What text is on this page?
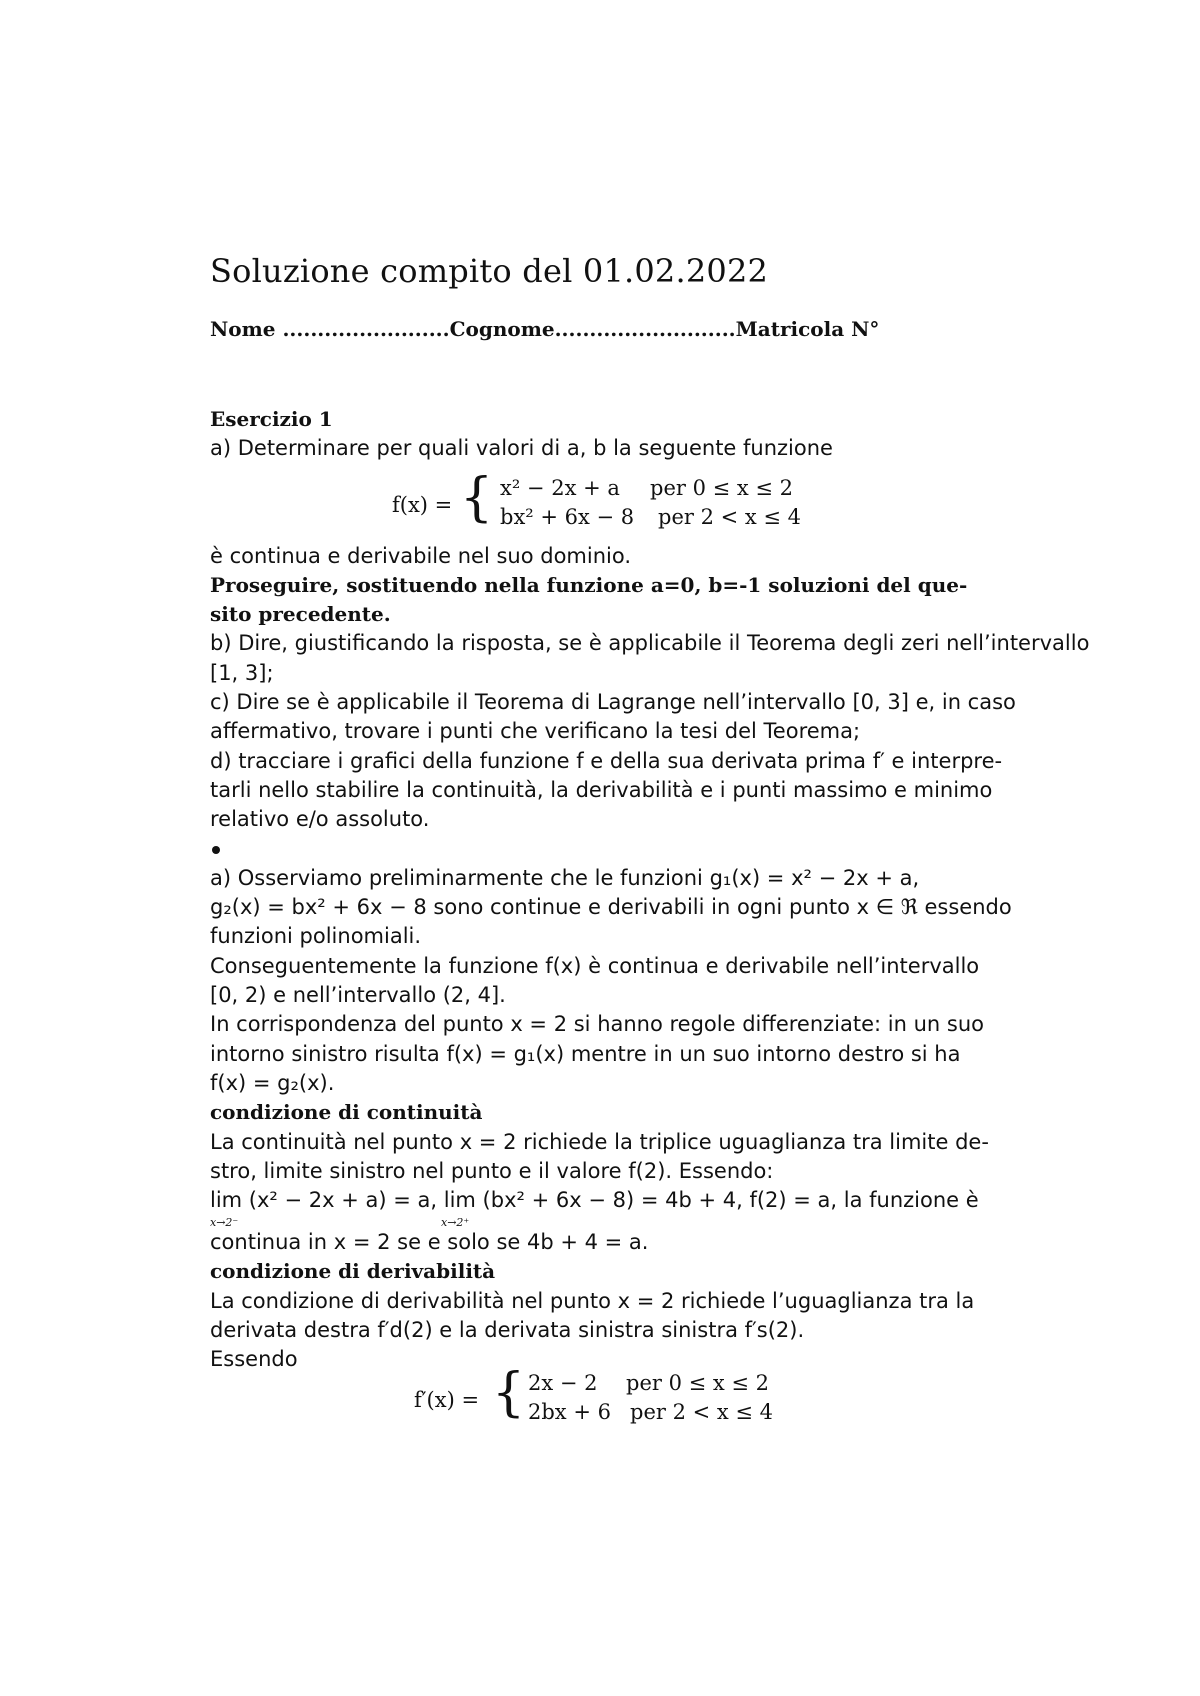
Soluzione compito del 01.02.2022
Nome ........................Cognome..........................Matricola N°
Esercizio 1
a) Determinare per quali valori di a, b la seguente funzione
f(x) = { x² − 2x + a per 0 ≤ x ≤ 2
bx² + 6x − 8 per 2 < x ≤ 4
è continua e derivabile nel suo dominio.
Proseguire, sostituendo nella funzione a=0, b=-1 soluzioni del que-
sito precedente.
b) Dire, giustificando la risposta, se è applicabile il Teorema degli zeri nell’intervallo
[1, 3];
c) Dire se è applicabile il Teorema di Lagrange nell’intervallo [0, 3] e, in caso
affermativo, trovare i punti che verificano la tesi del Teorema;
d) tracciare i grafici della funzione f e della sua derivata prima f′ e interpre-
tarli nello stabilire la continuità, la derivabilità e i punti massimo e minimo
relativo e/o assoluto.
a) Osserviamo preliminarmente che le funzioni g₁(x) = x² − 2x + a,
g₂(x) = bx² + 6x − 8 sono continue e derivabili in ogni punto x ∈ ℜ essendo
funzioni polinomiali.
Conseguentemente la funzione f(x) è continua e derivabile nell’intervallo
[0, 2) e nell’intervallo (2, 4].
In corrispondenza del punto x = 2 si hanno regole differenziate: in un suo
intorno sinistro risulta f(x) = g₁(x) mentre in un suo intorno destro si ha
f(x) = g₂(x).
condizione di continuità
La continuità nel punto x = 2 richiede la triplice uguaglianza tra limite de-
stro, limite sinistro nel punto e il valore f(2). Essendo:
lim (x² − 2x + a) = a, lim (bx² + 6x − 8) = 4b + 4, f(2) = a, la funzione è
x→2⁻	x→2⁺
continua in x = 2 se e solo se 4b + 4 = a.
condizione di derivabilità
La condizione di derivabilità nel punto x = 2 richiede l’uguaglianza tra la
derivata destra f′d(2) e la derivata sinistra sinistra f′s(2).
Essendo
f′(x) = { 2x − 2 per 0 ≤ x ≤ 2
2bx + 6 per 2 < x ≤ 4
